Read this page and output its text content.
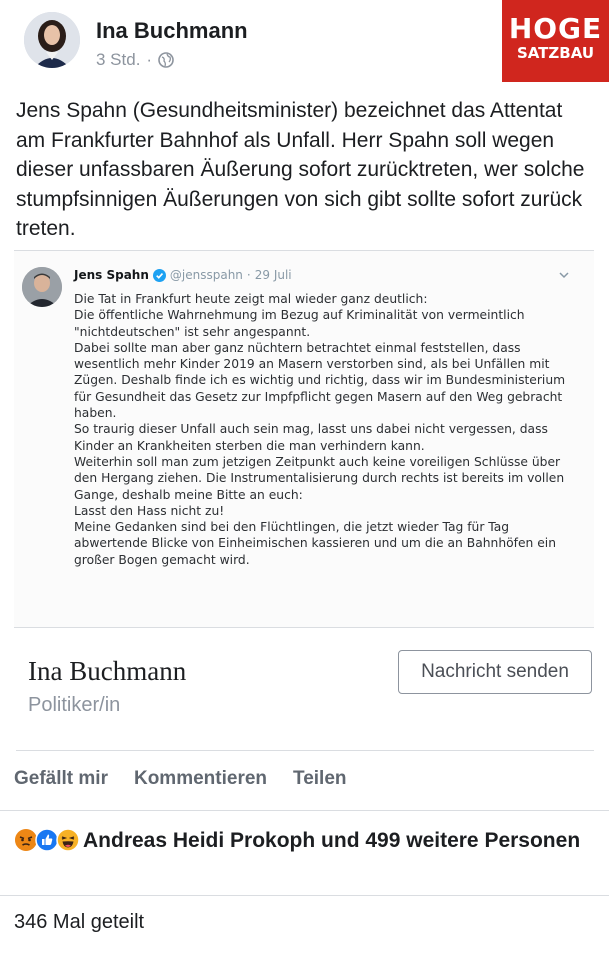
Ina Buchmann
3 Std. ·
HOGE
SATZBAU
Jens Spahn (Gesundheitsminister) bezeichnet das Attentat am Frankfurter Bahnhof als Unfall. Herr Spahn soll wegen dieser unfassbaren Äußerung sofort zurücktreten, wer solche stumpfsinnigen Äußerungen von sich gibt sollte sofort zurück treten.
Jens Spahn @jensspahn · 29 Juli
Die Tat in Frankfurt heute zeigt mal wieder ganz deutlich:
Die öffentliche Wahrnehmung im Bezug auf Kriminalität von vermeintlich "nichtdeutschen" ist sehr angespannt.
Dabei sollte man aber ganz nüchtern betrachtet einmal feststellen, dass wesentlich mehr Kinder 2019 an Masern verstorben sind, als bei Unfällen mit Zügen. Deshalb finde ich es wichtig und richtig, dass wir im Bundesministerium für Gesundheit das Gesetz zur Impfpflicht gegen Masern auf den Weg gebracht haben.
So traurig dieser Unfall auch sein mag, lasst uns dabei nicht vergessen, dass Kinder an Krankheiten sterben die man verhindern kann.
Weiterhin soll man zum jetzigen Zeitpunkt auch keine voreiligen Schlüsse über den Hergang ziehen. Die Instrumentalisierung durch rechts ist bereits im vollen Gange, deshalb meine Bitte an euch:
Lasst den Hass nicht zu!
Meine Gedanken sind bei den Flüchtlingen, die jetzt wieder Tag für Tag abwertende Blicke von Einheimischen kassieren und um die an Bahnhöfen ein großer Bogen gemacht wird.
Ina Buchmann
Politiker/in
Nachricht senden
Gefällt mir Kommentieren Teilen
Andreas Heidi Prokoph und 499 weitere Personen
346 Mal geteilt
